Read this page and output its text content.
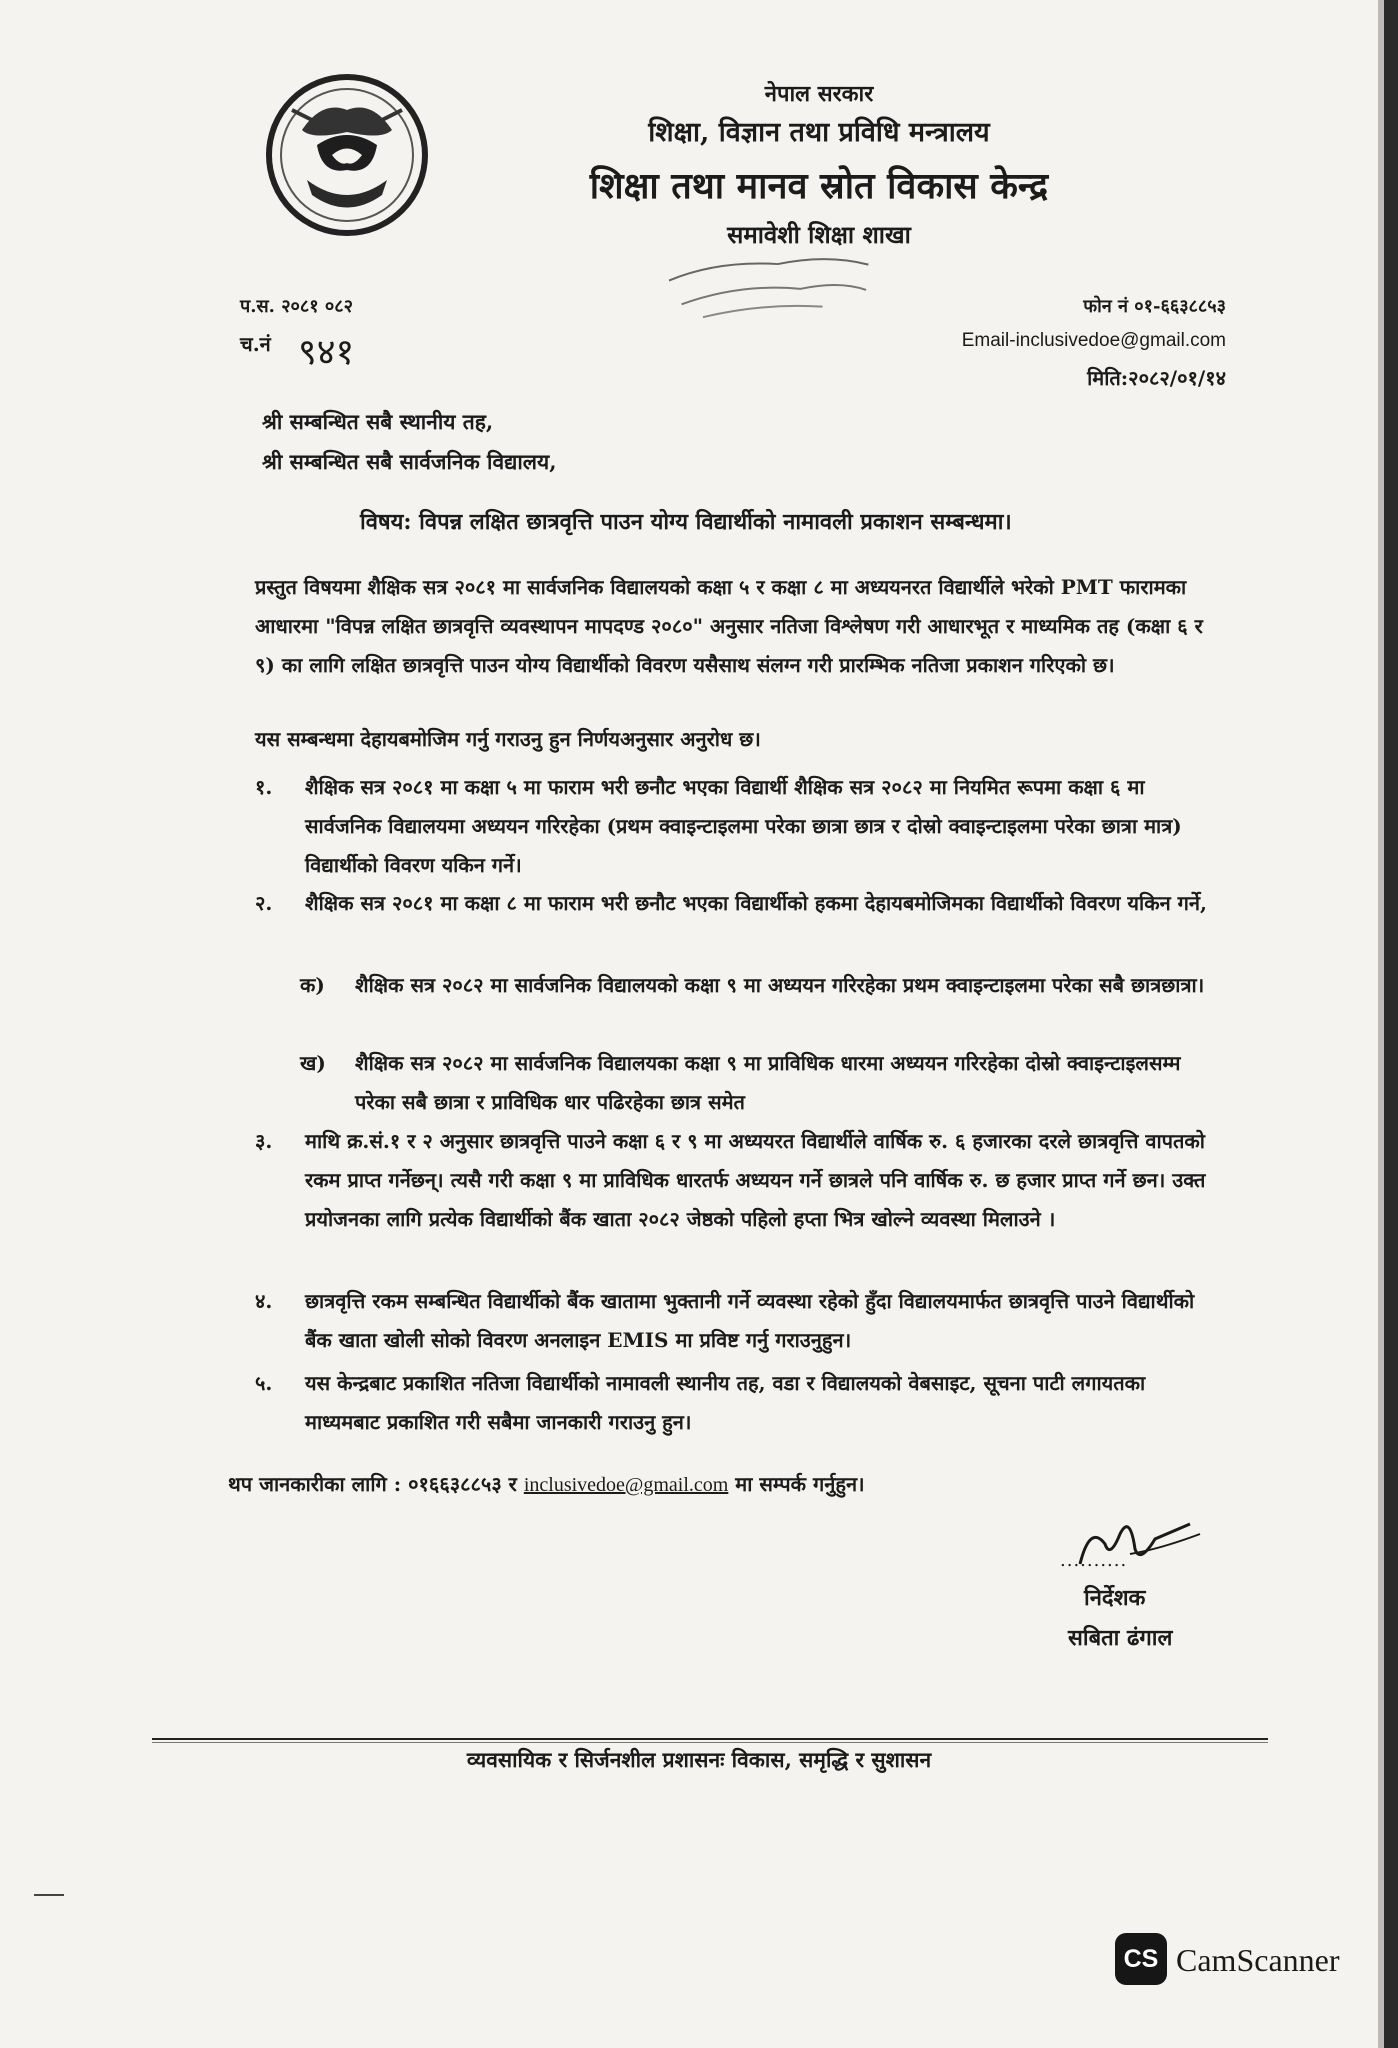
नेपाल सरकार
शिक्षा, विज्ञान तथा प्रविधि मन्त्रालय
शिक्षा तथा मानव स्रोत विकास केन्द्र
समावेशी शिक्षा शाखा
प.स. २०८१ ०८२
च.नं ९४१
फोन नं ०१-६६३८८५३
Email-inclusivedoe@gmail.com
मिति:२०८२/०१/१४
श्री सम्बन्धित सबै स्थानीय तह,
श्री सम्बन्धित सबै सार्वजनिक विद्यालय,
विषय: विपन्न लक्षित छात्रवृत्ति पाउन योग्य विद्यार्थीको नामावली प्रकाशन सम्बन्धमा।
प्रस्तुत विषयमा शैक्षिक सत्र २०८१ मा सार्वजनिक विद्यालयको कक्षा ५ र कक्षा ८ मा अध्ययनरत विद्यार्थीले भरेको PMT फारामका आधारमा "विपन्न लक्षित छात्रवृत्ति व्यवस्थापन मापदण्ड २०८०" अनुसार नतिजा विश्लेषण गरी आधारभूत र माध्यमिक तह (कक्षा ६ र ९) का लागि लक्षित छात्रवृत्ति पाउन योग्य विद्यार्थीको विवरण यसैसाथ संलग्न गरी प्रारम्भिक नतिजा प्रकाशन गरिएको छ।
यस सम्बन्धमा देहायबमोजिम गर्नु गराउनु हुन निर्णयअनुसार अनुरोध छ।
१. शैक्षिक सत्र २०८१ मा कक्षा ५ मा फाराम भरी छनौट भएका विद्यार्थी शैक्षिक सत्र २०८२ मा नियमित रूपमा कक्षा ६ मा सार्वजनिक विद्यालयमा अध्ययन गरिरहेका (प्रथम क्वाइन्टाइलमा परेका छात्रा छात्र र दोस्रो क्वाइन्टाइलमा परेका छात्रा मात्र) विद्यार्थीको विवरण यकिन गर्ने।
२. शैक्षिक सत्र २०८१ मा कक्षा ८ मा फाराम भरी छनौट भएका विद्यार्थीको हकमा देहायबमोजिमका विद्यार्थीको विवरण यकिन गर्ने,
क) शैक्षिक सत्र २०८२ मा सार्वजनिक विद्यालयको कक्षा ९ मा अध्ययन गरिरहेका प्रथम क्वाइन्टाइलमा परेका सबै छात्रछात्रा।
ख) शैक्षिक सत्र २०८२ मा सार्वजनिक विद्यालयका कक्षा ९ मा प्राविधिक धारमा अध्ययन गरिरहेका दोस्रो क्वाइन्टाइलसम्म परेका सबै छात्रा र प्राविधिक धार पढिरहेका छात्र समेत
३. माथि क्र.सं.१ र २ अनुसार छात्रवृत्ति पाउने कक्षा ६ र ९ मा अध्ययरत विद्यार्थीले वार्षिक रु. ६ हजारका दरले छात्रवृत्ति वापतको रकम प्राप्त गर्नेछन्। त्यसै गरी कक्षा ९ मा प्राविधिक धारतर्फ अध्ययन गर्ने छात्रले पनि वार्षिक रु. छ हजार प्राप्त गर्ने छन। उक्त प्रयोजनका लागि प्रत्येक विद्यार्थीको बैंक खाता २०८२ जेष्ठको पहिलो हप्ता भित्र खोल्ने व्यवस्था मिलाउने ।
४. छात्रवृत्ति रकम सम्बन्धित विद्यार्थीको बैंक खातामा भुक्तानी गर्ने व्यवस्था रहेको हुँदा विद्यालयमार्फत छात्रवृत्ति पाउने विद्यार्थीको बैंक खाता खोली सोको विवरण अनलाइन EMIS मा प्रविष्ट गर्नु गराउनुहुन।
५. यस केन्द्रबाट प्रकाशित नतिजा विद्यार्थीको नामावली स्थानीय तह, वडा र विद्यालयको वेबसाइट, सूचना पाटी लगायतका माध्यमबाट प्रकाशित गरी सबैमा जानकारी गराउनु हुन।
थप जानकारीका लागि : ०१६६३८८५३ र inclusivedoe@gmail.com मा सम्पर्क गर्नुहुन।
..........
निर्देशक
सबिता ढंगाल
व्यवसायिक र सिर्जनशील प्रशासनः विकास, समृद्धि र सुशासन
CS CamScanner
